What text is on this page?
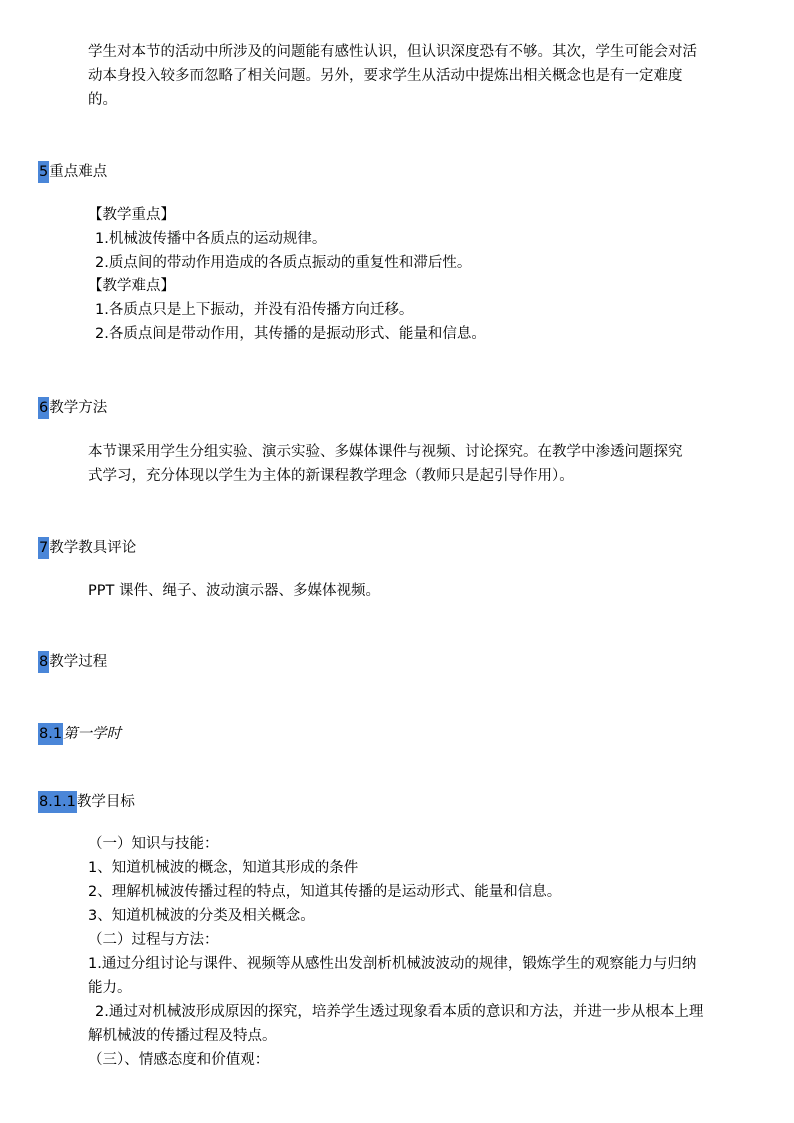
学生对本节的活动中所涉及的问题能有感性认识，但认识深度恐有不够。其次，学生可能会对活
动本身投入较多而忽略了相关问题。另外，要求学生从活动中提炼出相关概念也是有一定难度
的。
5重点难点
【教学重点】
1.机械波传播中各质点的运动规律。
2.质点间的带动作用造成的各质点振动的重复性和滞后性。
【教学难点】
1.各质点只是上下振动，并没有沿传播方向迁移。
2.各质点间是带动作用，其传播的是振动形式、能量和信息。
6教学方法
本节课采用学生分组实验、演示实验、多媒体课件与视频、讨论探究。在教学中渗透问题探究
式学习，充分体现以学生为主体的新课程教学理念（教师只是起引导作用）。
7教学教具评论
PPT 课件、绳子、波动演示器、多媒体视频。
8教学过程
8.1第一学时
8.1.1教学目标
（一）知识与技能：
1、知道机械波的概念，知道其形成的条件
2、理解机械波传播过程的特点，知道其传播的是运动形式、能量和信息。
3、知道机械波的分类及相关概念。
（二）过程与方法：
1.通过分组讨论与课件、视频等从感性出发剖析机械波波动的规律，锻炼学生的观察能力与归纳
能力。
2.通过对机械波形成原因的探究，培养学生透过现象看本质的意识和方法，并进一步从根本上理
解机械波的传播过程及特点。
（三）、情感态度和价值观：
